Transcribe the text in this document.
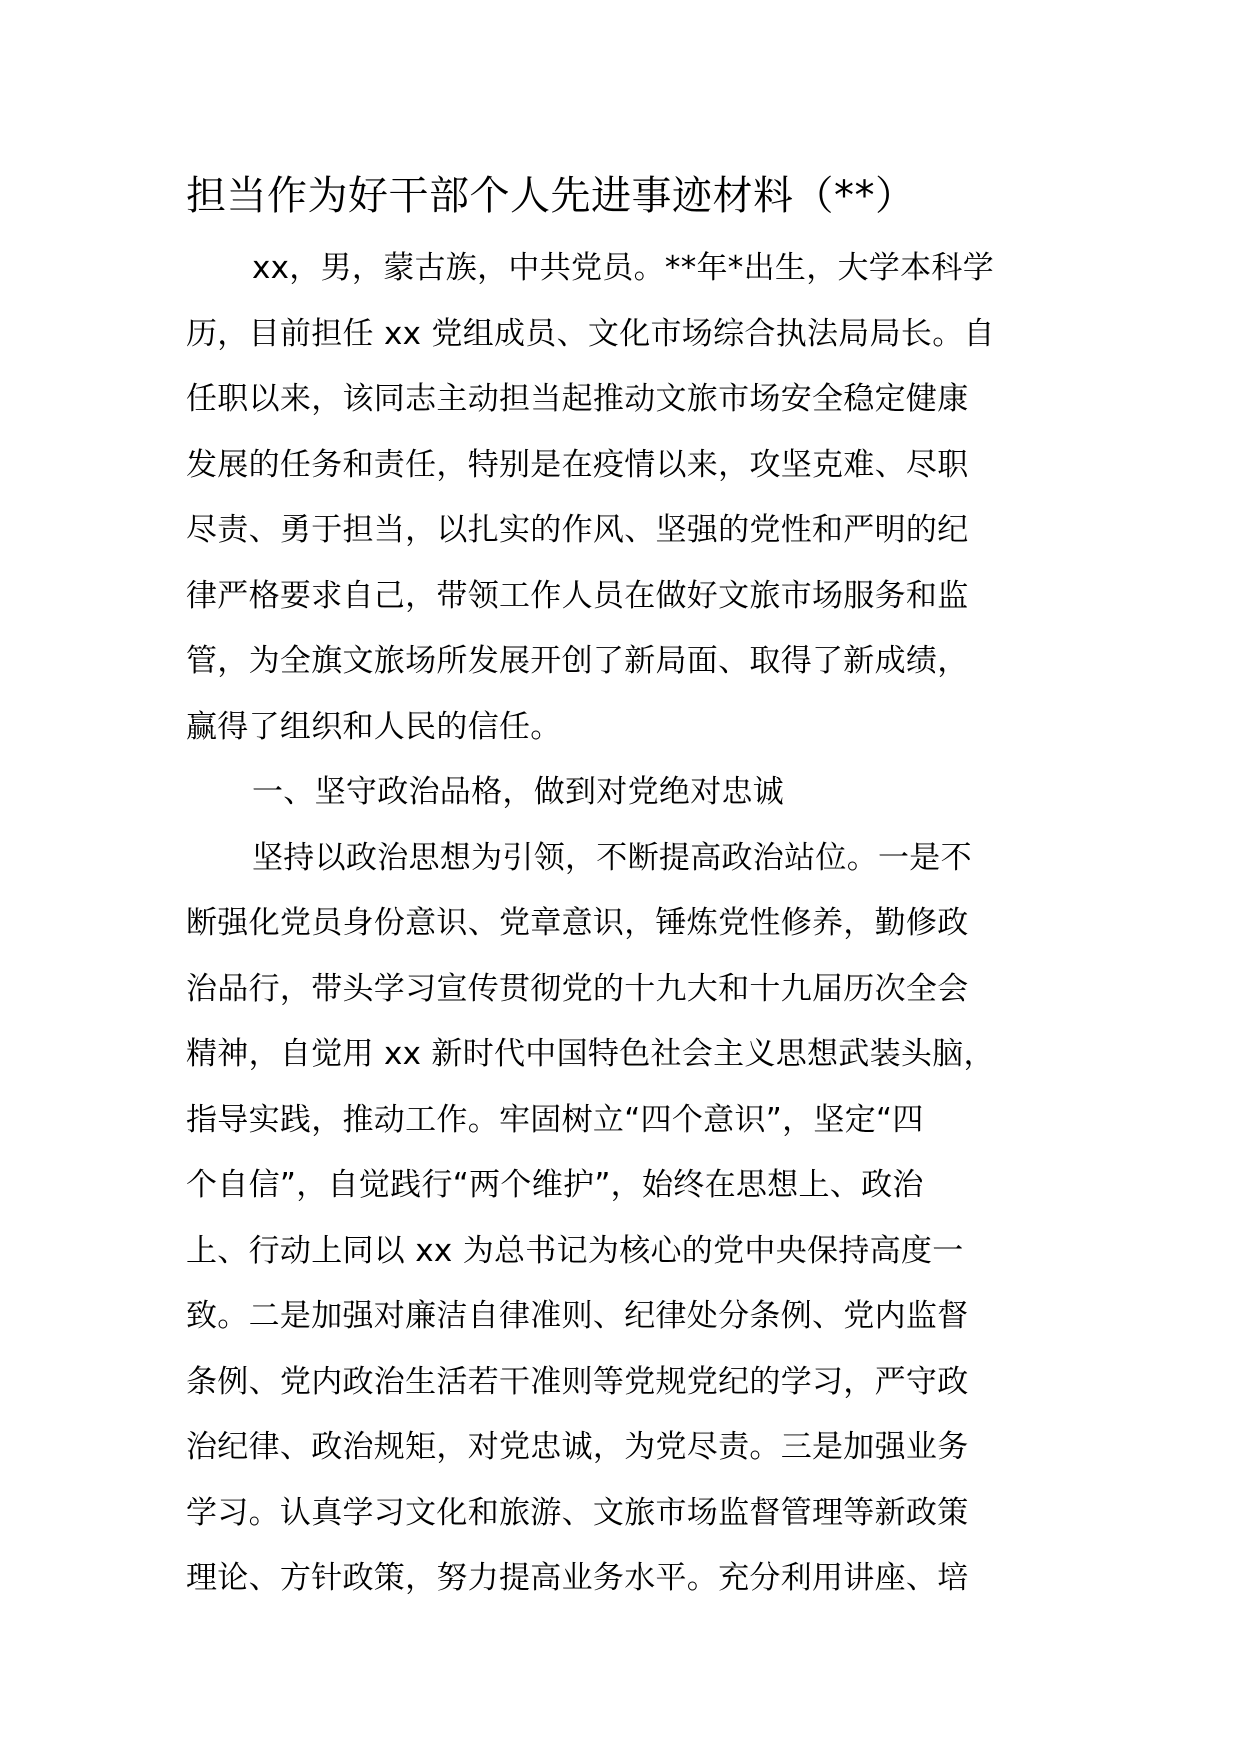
担当作为好干部个人先进事迹材料（**）
xx，男，蒙古族，中共党员。**年*出生，大学本科学
历，目前担任 xx 党组成员、文化市场综合执法局局长。自
任职以来，该同志主动担当起推动文旅市场安全稳定健康
发展的任务和责任，特别是在疫情以来，攻坚克难、尽职
尽责、勇于担当，以扎实的作风、坚强的党性和严明的纪
律严格要求自己，带领工作人员在做好文旅市场服务和监
管，为全旗文旅场所发展开创了新局面、取得了新成绩，
赢得了组织和人民的信任。
一、坚守政治品格，做到对党绝对忠诚
坚持以政治思想为引领，不断提高政治站位。一是不
断强化党员身份意识、党章意识，锤炼党性修养，勤修政
治品行，带头学习宣传贯彻党的十九大和十九届历次全会
精神，自觉用 xx 新时代中国特色社会主义思想武装头脑，
指导实践，推动工作。牢固树立“四个意识”，坚定“四
个自信”，自觉践行“两个维护”，始终在思想上、政治
上、行动上同以 xx 为总书记为核心的党中央保持高度一
致。二是加强对廉洁自律准则、纪律处分条例、党内监督
条例、党内政治生活若干准则等党规党纪的学习，严守政
治纪律、政治规矩，对党忠诚，为党尽责。三是加强业务
学习。认真学习文化和旅游、文旅市场监督管理等新政策
理论、方针政策，努力提高业务水平。充分利用讲座、培
